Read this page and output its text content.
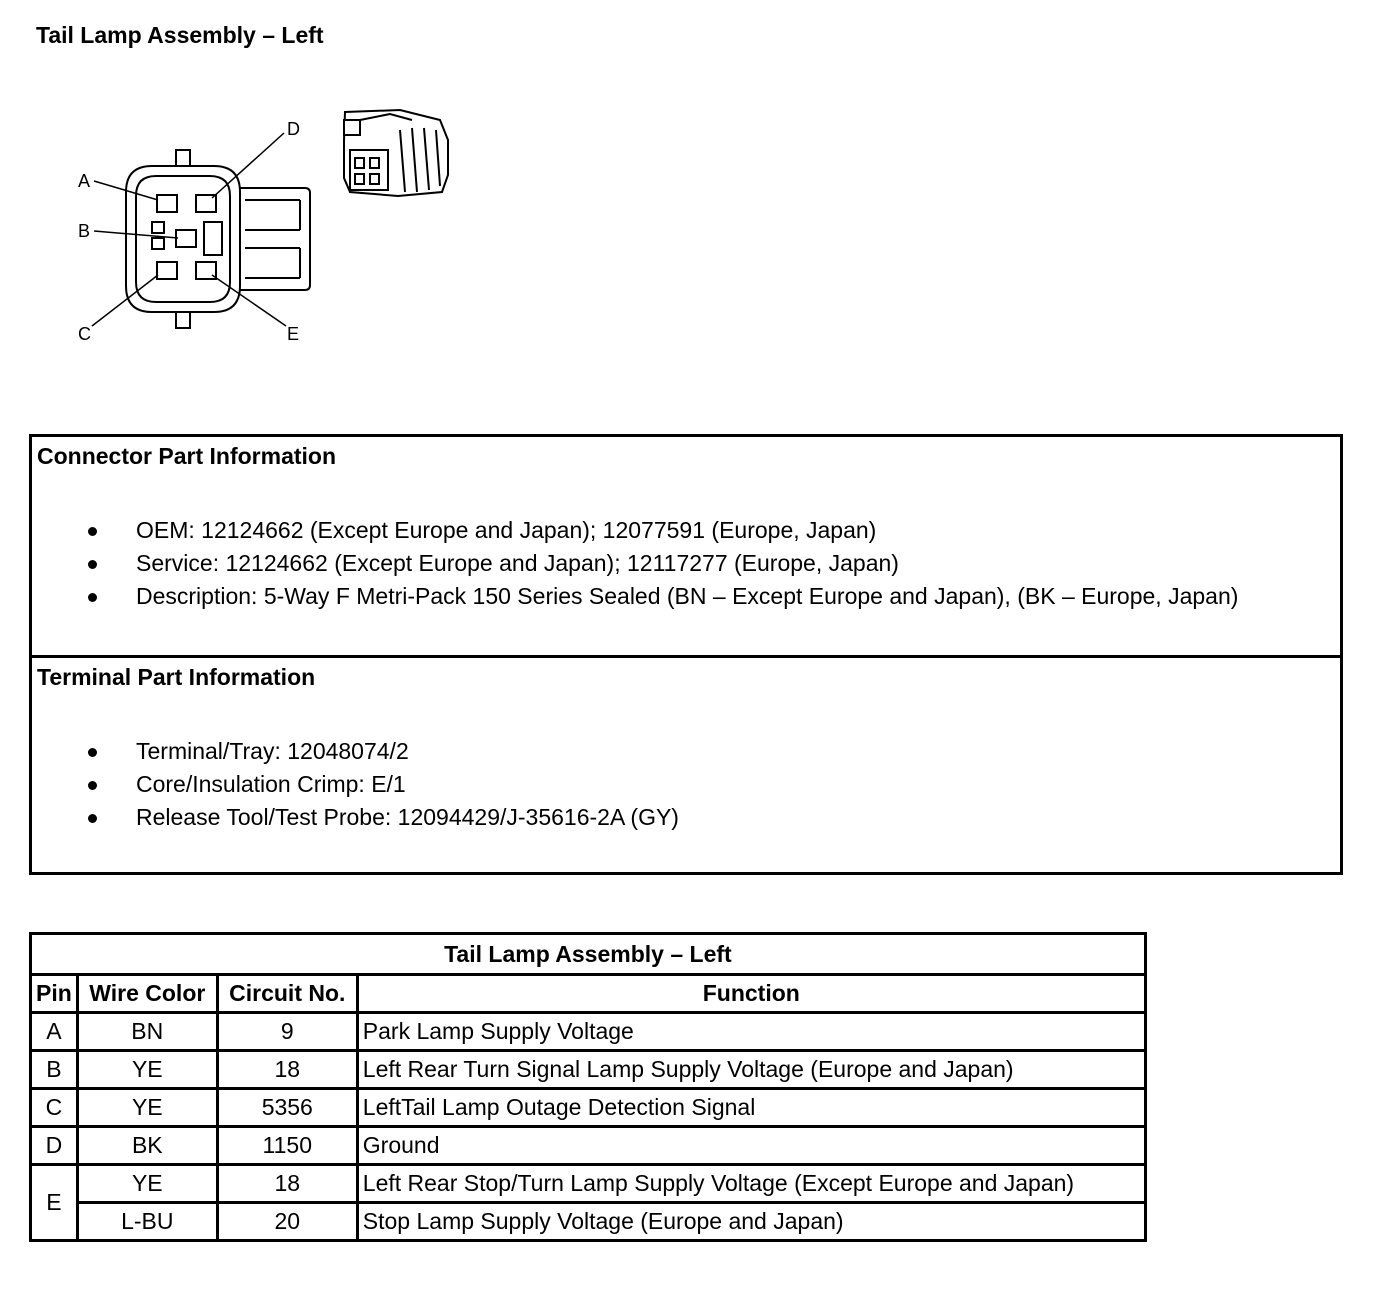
Tail Lamp Assembly – Left
A
B
C
D
E
Connector Part Information
OEM: 12124662 (Except Europe and Japan); 12077591 (Europe, Japan)
Service: 12124662 (Except Europe and Japan); 12117277 (Europe, Japan)
Description: 5-Way F Metri-Pack 150 Series Sealed (BN – Except Europe and Japan), (BK – Europe, Japan)
Terminal Part Information
Terminal/Tray: 12048074/2
Core/Insulation Crimp: E/1
Release Tool/Test Probe: 12094429/J-35616-2A (GY)
Tail Lamp Assembly – Left			
Pin	Wire Color	Circuit No.	Function
A	BN	9	Park Lamp Supply Voltage
B	YE	18	Left Rear Turn Signal Lamp Supply Voltage (Europe and Japan)
C	YE	5356	LeftTail Lamp Outage Detection Signal
D	BK	1150	Ground
E	YE	18	Left Rear Stop/Turn Lamp Supply Voltage (Except Europe and Japan)
	L-BU	20	Stop Lamp Supply Voltage (Europe and Japan)
